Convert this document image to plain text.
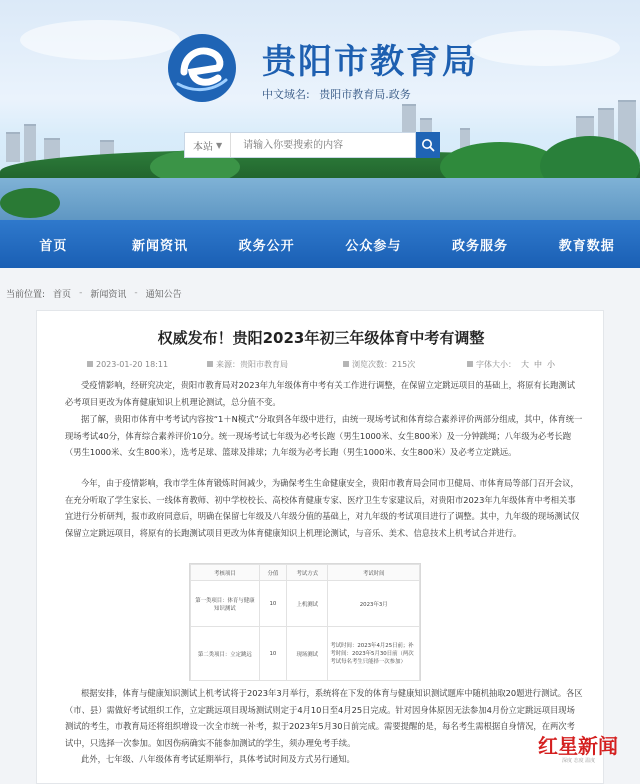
贵阳市教育局
中文域名: 贵阳市教育局.政务
本站 ▼
请输入你要搜索的内容
首页	新闻资讯	政务公开	公众参与	政务服务	教育数据
当前位置: 首页 - 新闻资讯 - 通知公告
权威发布！贵阳2023年初三年级体育中考有调整
2023-01-20 18:11	来源：贵阳市教育局	浏览次数：215次	字体大小： 大 中 小

受疫情影响，经研究决定，贵阳市教育局对2023年九年级体育中考有关工作进行调整，在保留立定跳远项目的基础上，将原有长跑测试必考项目更改为体育健康知识上机理论测试，总分值不变。

据了解，贵阳市体育中考考试内容按“1＋N模式”分取到各年级中进行，由统一现场考试和体育综合素养评价两部分组成，其中，体育统一现场考试40分，体育综合素养评价10分。统一现场考试七年级为必考长跑（男生1000米、女生800米）及一分钟跳绳；八年级为必考长跑（男生1000米、女生800米），选考足球、篮球及排球；九年级为必考长跑（男生1000米、女生800米）及必考立定跳远。

今年，由于疫情影响，我市学生体育锻炼时间减少，为确保考生生命健康安全，贵阳市教育局会同市卫健局、市体育局等部门召开会议，在充分听取了学生家长、一线体育教师、初中学校校长、高校体育健康专家、医疗卫生专家建议后，对贵阳市2023年九年级体育中考相关事宜进行分析研判，报市政府同意后，明确在保留七年级及八年级分值的基础上，对九年级的考试项目进行了调整。其中，九年级的现场测试仅保留立定跳远项目，将原有的长跑测试项目更改为体育健康知识上机理论测试，与音乐、美术、信息技术上机考试合并进行。

考核项目	分值	考试方式	考试时间
第一类项目：体育与健康知识测试	10	上机测试	2023年3月
第二类项目：立定跳远	10	现场测试	考试时间：2023年4月25日前；补考时间：2023年5月30日前（两次考试每名考生只能择一次参加）

根据安排，体育与健康知识测试上机考试将于2023年3月举行，系统将在下发的体育与健康知识测试题库中随机抽取20题进行测试。各区（市、县）需做好考试组织工作，立定跳远项目现场测试则定于4月10日至4月25日完成。针对因身体原因无法参加4月份立定跳远项目现场测试的考生，市教育局还将组织增设一次全市统一补考，拟于2023年5月30日前完成。需要提醒的是，每名考生需根据自身情况，在两次考试中，只选择一次参加。如因伤病确实不能参加测试的学生，须办理免考手续。

此外，七年级、八年级体育考试延期举行，具体考试时间及方式另行通知。

红星新闻
深度 态度 温度
